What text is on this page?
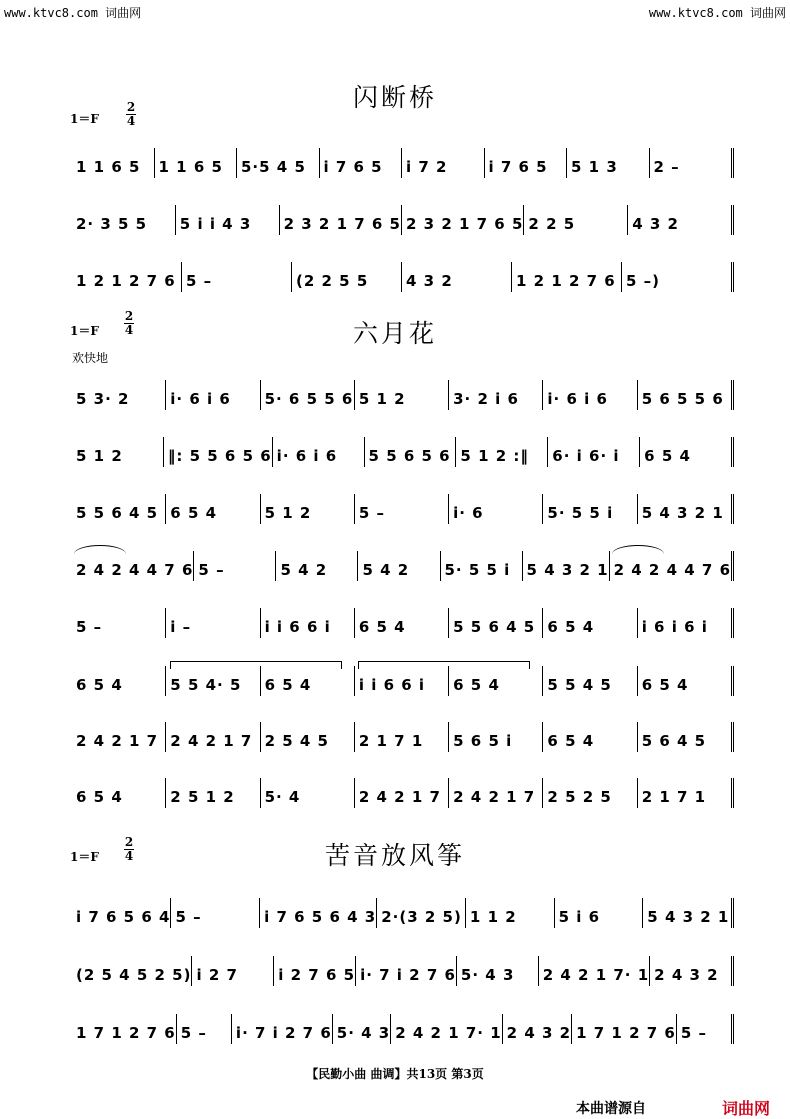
www.ktvc8.com 词曲网	www.ktvc8.com 词曲网
闪断桥
1＝F
2
4
1 1 6 5	1 1 6 5	5·5 4 5	i 7 6 5	i 7 2	i 7 6 5	5 1 3	2 –
2· 3 5 5	5 i i 4 3	2 3 2 1 7 6 5 2 3 2 1 7 6 5 2 2 5	4 3 2
1 2 1 2 7 6 5 –	(2 2 5 5	4 3 2	1 2 1 2 7 6 5 –)
六月花
1＝F
2
4
欢快地
5 3· 2	i· 6 i 6	5· 6 5 5 6 5 1 2	3· 2 i 6	i· 6 i 6	5 6 5 5 6
5 1 2	‖: 5 5 6 5 6 i· 6 i 6	5 5 6 5 6 5 1 2 :‖	6· i 6· i	6 5 4
5 5 6 4 5 6 5 4	5 1 2	5 –	i· 6	5· 5 5 i	5 4 3 2 1
2 4 2 4 4 7 6 5 –	5 4 2	5 4 2	5· 5 5 i	5 4 3 2 1 2 4 2 4 4 7 6
5 –	i –	i i 6 6 i	6 5 4	5 5 6 4 5 6 5 4	i 6 i 6 i
6 5 4	5 5 4· 5	6 5 4	i i 6 6 i	6 5 4	5 5 4 5	6 5 4
2 4 2 1 7 2 4 2 1 7 2 5 4 5	2 1 7 1	5 6 5 i	6 5 4	5 6 4 5
6 5 4	2 5 1 2	5· 4	2 4 2 1 7 2 4 2 1 7 2 5 2 5	2 1 7 1
苦音放风筝
1＝F
2
4
i 7 6 5 6 4 5 –	i 7 6 5 6 4 3 2·(3 2 5) 1 1 2	5 i 6	5 4 3 2 1
(2 5 4 5 2 5) i 2 7	i 2 7 6 5 i· 7 i 2 7 6 5· 4 3	2 4 2 1 7· 1 2 4 3 2
1 7 1 2 7 6 5 –	i· 7 i 2 7 6 5· 4 3 2 4 2 1 7· 1 2 4 3 2 1 7 1 2 7 6 5 –
【民勤小曲 曲调】共13页 第3页
本曲谱源自	词曲网
